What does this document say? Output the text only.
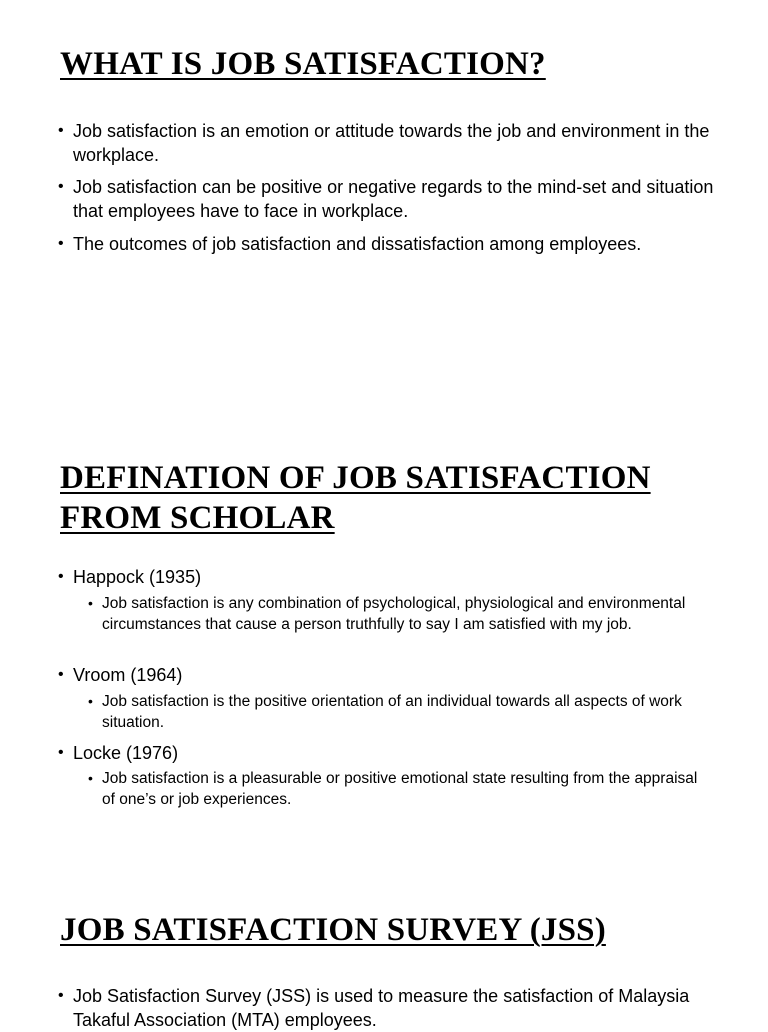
WHAT IS JOB SATISFACTION?
• Job satisfaction is an emotion or attitude towards the job and environment in the workplace.
• Job satisfaction can be positive or negative regards to the mind-set and situation that employees have to face in workplace.
• The outcomes of job satisfaction and dissatisfaction among employees.
DEFINATION OF JOB SATISFACTION
FROM SCHOLAR
• Happock (1935)
• Job satisfaction is any combination of psychological, physiological and environmental circumstances that cause a person truthfully to say I am satisfied with my job.
• Vroom (1964)
• Job satisfaction is the positive orientation of an individual towards all aspects of work situation.
• Locke (1976)
• Job satisfaction is a pleasurable or positive emotional state resulting from the appraisal of one’s or job experiences.
JOB SATISFACTION SURVEY (JSS)
• Job Satisfaction Survey (JSS) is used to measure the satisfaction of Malaysia Takaful Association (MTA) employees.
